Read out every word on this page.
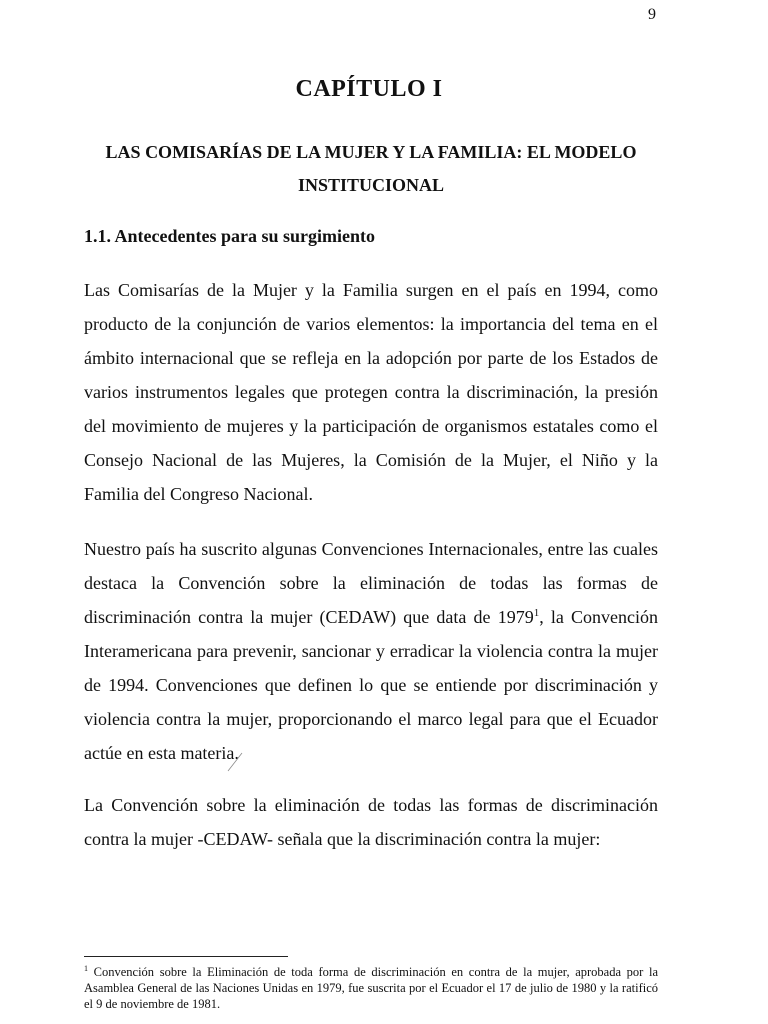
9
CAPÍTULO I
LAS COMISARÍAS DE LA MUJER Y LA FAMILIA: EL MODELO INSTITUCIONAL
1.1. Antecedentes para su surgimiento

Las Comisarías de la Mujer y la Familia surgen en el país en 1994, como producto de la conjunción de varios elementos: la importancia del tema en el ámbito internacional que se refleja en la adopción por parte de los Estados de varios instrumentos legales que protegen contra la discriminación, la presión del movimiento de mujeres y la participación de organismos estatales como el Consejo Nacional de las Mujeres, la Comisión de la Mujer, el Niño y la Familia del Congreso Nacional.

Nuestro país ha suscrito algunas Convenciones Internacionales, entre las cuales destaca la Convención sobre la eliminación de todas las formas de discriminación contra la mujer (CEDAW) que data de 1979$^1$, la Convención Interamericana para prevenir, sancionar y erradicar la violencia contra la mujer de 1994. Convenciones que definen lo que se entiende por discriminación y violencia contra la mujer, proporcionando el marco legal para que el Ecuador actúe en esta materia.

La Convención sobre la eliminación de todas las formas de discriminación contra la mujer -CEDAW- señala que la discriminación contra la mujer:

$^1$ Convención sobre la Eliminación de toda forma de discriminación en contra de la mujer, aprobada por la Asamblea General de las Naciones Unidas en 1979, fue suscrita por el Ecuador el 17 de julio de 1980 y la ratificó el 9 de noviembre de 1981.
